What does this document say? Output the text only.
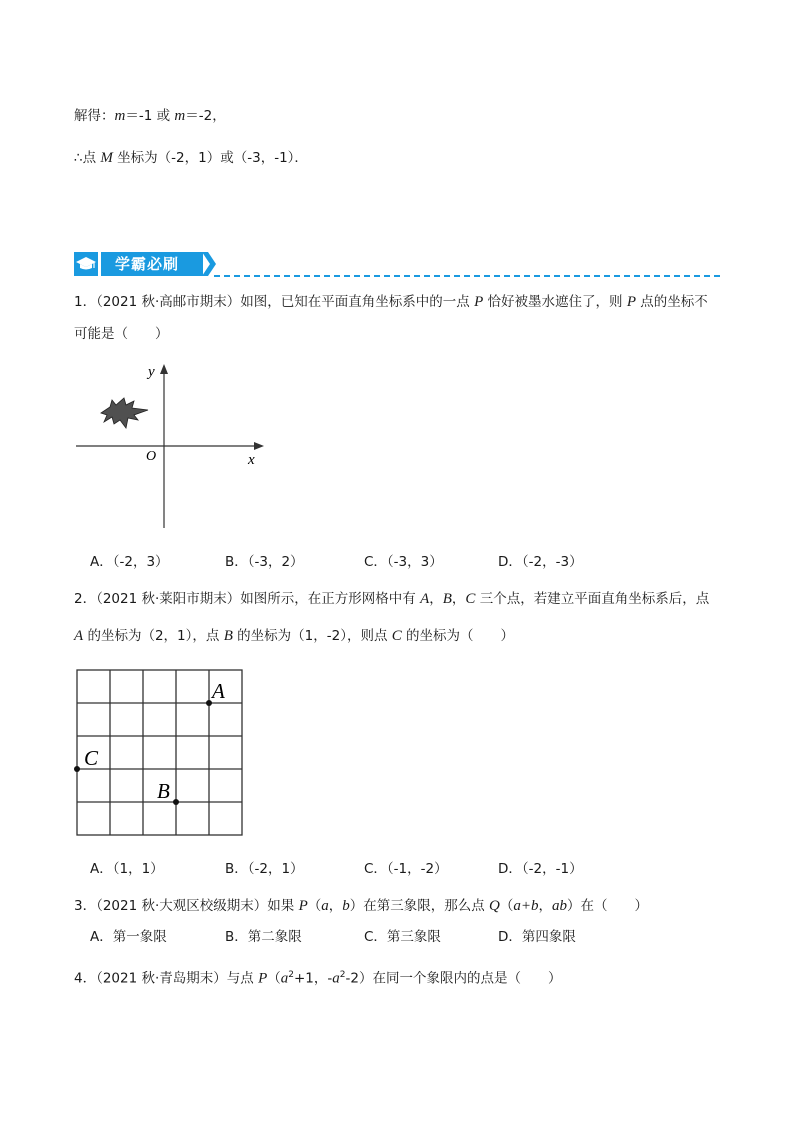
解得：m＝-1 或 m＝-2，
∴点 M 坐标为（-2，1）或（-3，-1）．
学霸必刷
1．（2021 秋·高邮市期末）如图，已知在平面直角坐标系中的一点 P 恰好被墨水遮住了，则 P 点的坐标不
可能是（　　）
y
x
O
A．（-2，3）	B．（-3，2）	C．（-3，3）	D．（-2，-3）
2．（2021 秋·莱阳市期末）如图所示，在正方形网格中有 A，B，C 三个点，若建立平面直角坐标系后，点
A 的坐标为（2，1），点 B 的坐标为（1，-2），则点 C 的坐标为（　　）
A
C
B
A．（1，1）	B．（-2，1）	C．（-1，-2）	D．（-2，-1）
3．（2021 秋·大观区校级期末）如果 P（a，b）在第三象限，那么点 Q（a+b，ab）在（　　）
A．第一象限	B．第二象限	C．第三象限	D．第四象限
4．（2021 秋·青岛期末）与点 $P(a^2+1$，$-a^2-2$）在同一个象限内的点是（　　）
